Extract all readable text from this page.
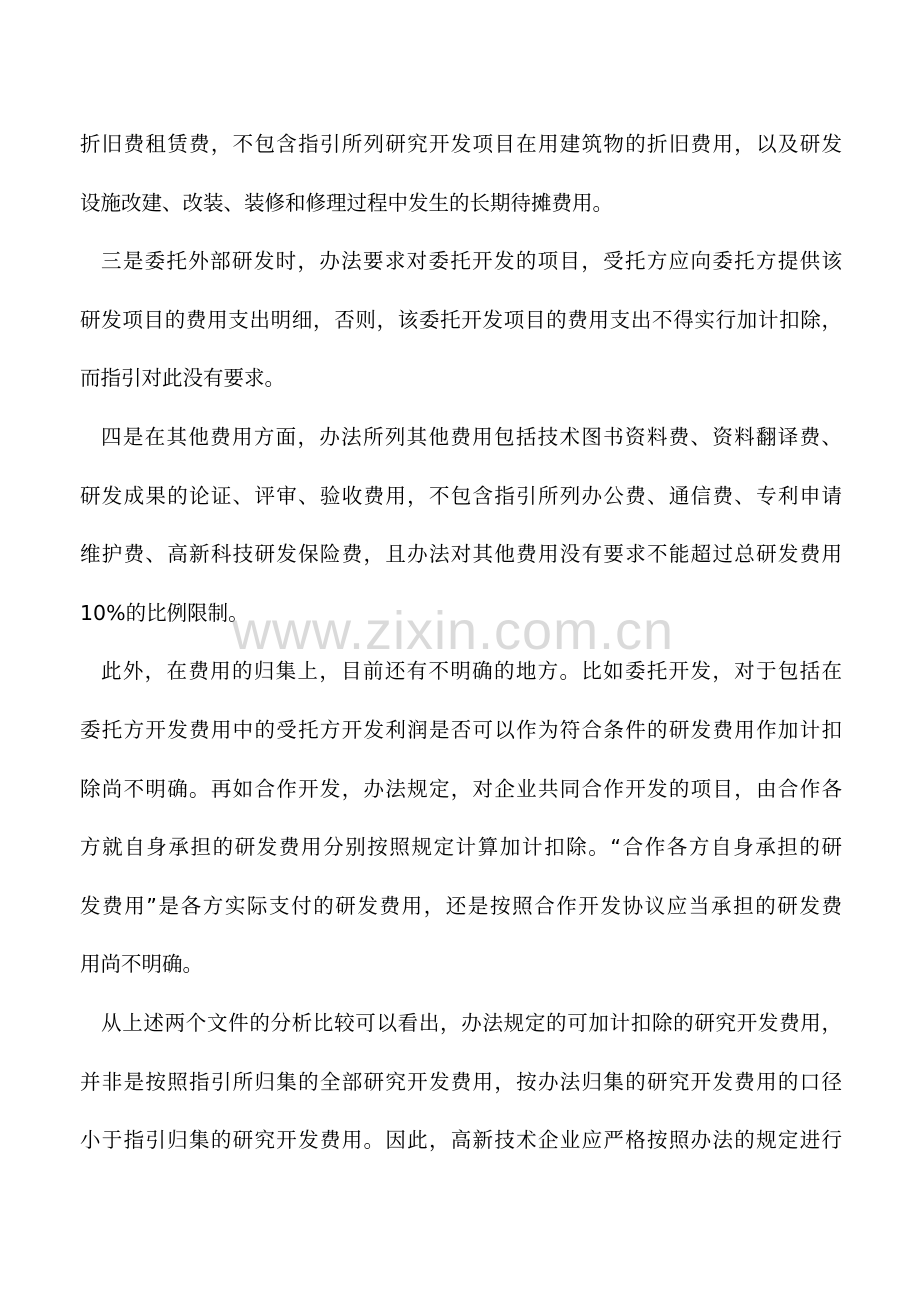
折旧费租赁费，不包含指引所列研究开发项目在用建筑物的折旧费用，以及研发
设施改建、改装、装修和修理过程中发生的长期待摊费用。
三是委托外部研发时，办法要求对委托开发的项目，受托方应向委托方提供该
研发项目的费用支出明细，否则，该委托开发项目的费用支出不得实行加计扣除，
而指引对此没有要求。
四是在其他费用方面，办法所列其他费用包括技术图书资料费、资料翻译费、
研发成果的论证、评审、验收费用，不包含指引所列办公费、通信费、专利申请
维护费、高新科技研发保险费，且办法对其他费用没有要求不能超过总研发费用
10%的比例限制。
此外，在费用的归集上，目前还有不明确的地方。比如委托开发，对于包括在
委托方开发费用中的受托方开发利润是否可以作为符合条件的研发费用作加计扣
除尚不明确。再如合作开发，办法规定，对企业共同合作开发的项目，由合作各
方就自身承担的研发费用分别按照规定计算加计扣除。“合作各方自身承担的研
发费用”是各方实际支付的研发费用，还是按照合作开发协议应当承担的研发费
用尚不明确。
从上述两个文件的分析比较可以看出，办法规定的可加计扣除的研究开发费用，
并非是按照指引所归集的全部研究开发费用，按办法归集的研究开发费用的口径
小于指引归集的研究开发费用。因此，高新技术企业应严格按照办法的规定进行
www.zixin.com.cn
